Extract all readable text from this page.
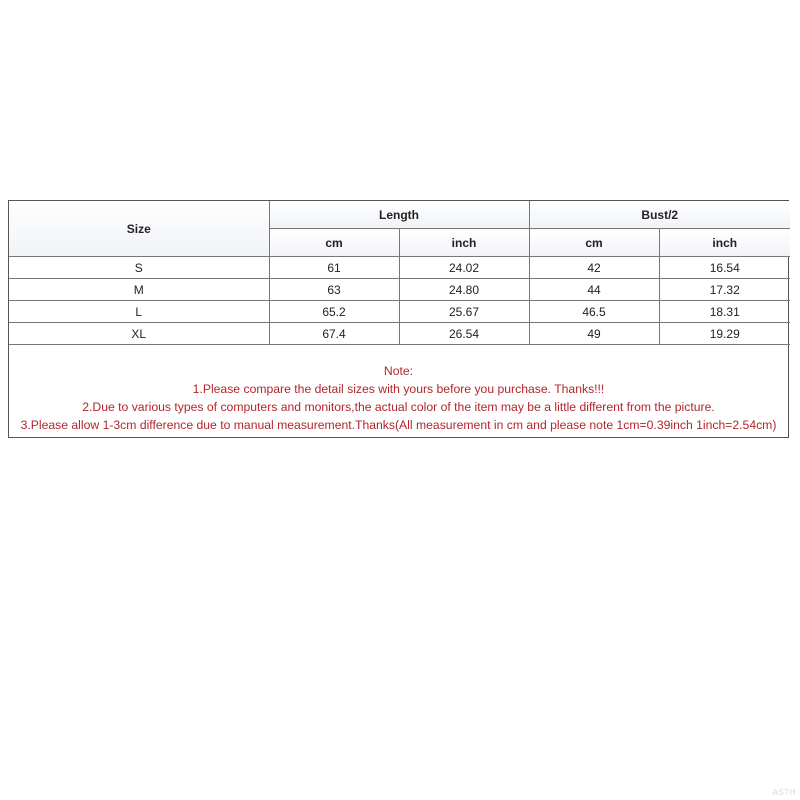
Size	Length		Bust/2	
	cm	inch	cm	inch
S	61	24.02	42	16.54
M	63	24.80	44	17.32
L	65.2	25.67	46.5	18.31
XL	67.4	26.54	49	19.29
Note:
1.Please compare the detail sizes with yours before you purchase. Thanks!!!
2.Due to various types of computers and monitors,the actual color of the item may be a little different from the picture.
3.Please allow 1-3cm difference due to manual measurement.Thanks(All measurement in cm and please note 1cm=0.39inch 1inch=2.54cm)
ASTH
